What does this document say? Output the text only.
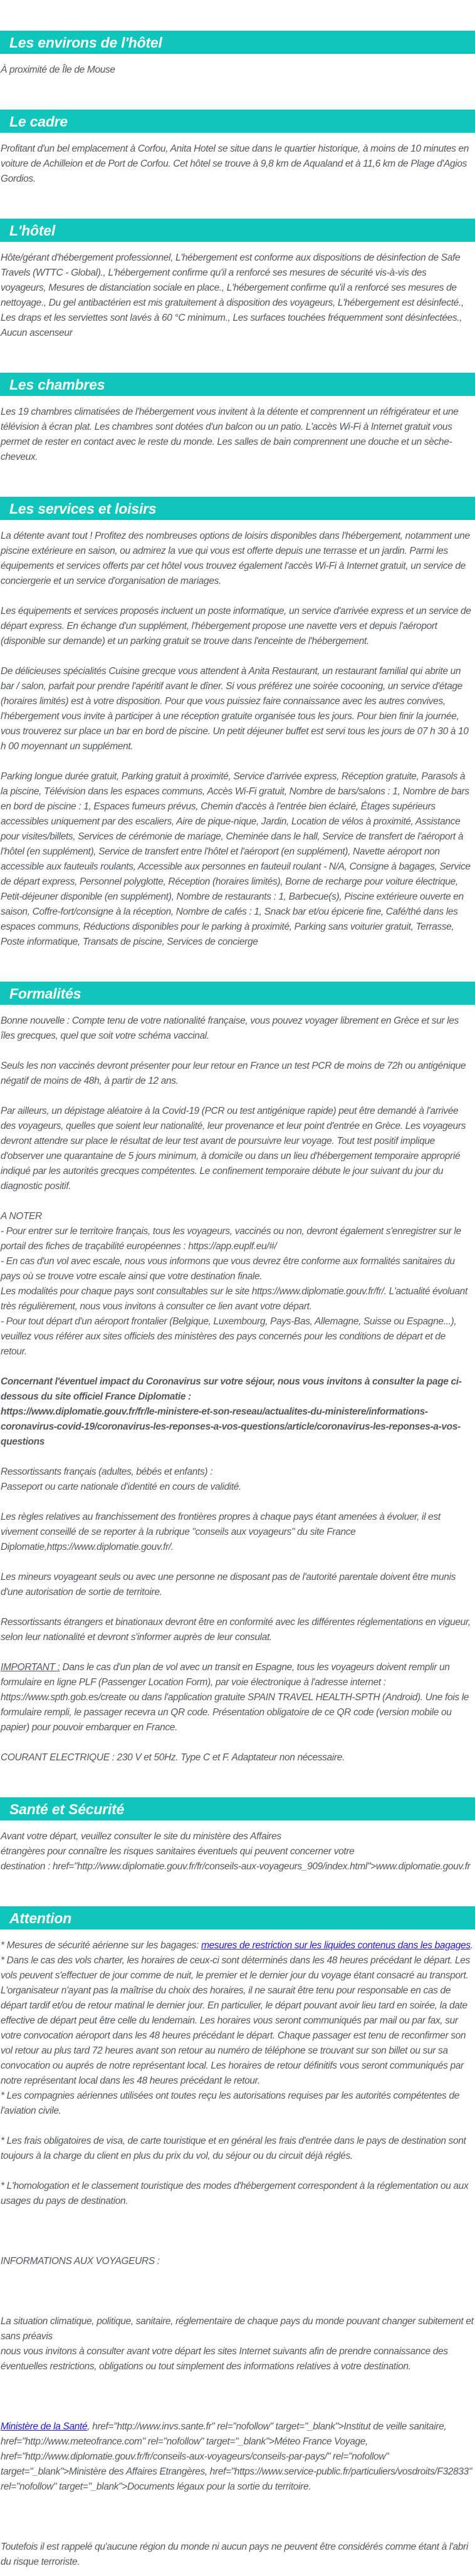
Les environs de l'hôtel

À proximité de Île de Mouse

Le cadre

Profitant d'un bel emplacement à Corfou, Anita Hotel se situe dans le quartier historique, à moins de 10 minutes en voiture de Achilleion et de Port de Corfou. Cet hôtel se trouve à 9,8 km de Aqualand et à 11,6 km de Plage d'Agios Gordios.

L'hôtel

Hôte/gérant d'hébergement professionnel, L'hébergement est conforme aux dispositions de désinfection de Safe Travels (WTTC - Global)., L'hébergement confirme qu'il a renforcé ses mesures de sécurité vis-à-vis des voyageurs, Mesures de distanciation sociale en place., L'hébergement confirme qu'il a renforcé ses mesures de nettoyage., Du gel antibactérien est mis gratuitement à disposition des voyageurs, L'hébergement est désinfecté., Les draps et les serviettes sont lavés à 60 °C minimum., Les surfaces touchées fréquemment sont désinfectées., Aucun ascenseur

Les chambres

Les 19 chambres climatisées de l'hébergement vous invitent à la détente et comprennent un réfrigérateur et une télévision à écran plat. Les chambres sont dotées d'un balcon ou un patio. L'accès Wi-Fi à Internet gratuit vous permet de rester en contact avec le reste du monde. Les salles de bain comprennent une douche et un sèche-cheveux.

Les services et loisirs

La détente avant tout ! Profitez des nombreuses options de loisirs disponibles dans l'hébergement, notamment une piscine extérieure en saison, ou admirez la vue qui vous est offerte depuis une terrasse et un jardin. Parmi les équipements et services offerts par cet hôtel vous trouvez également l'accès Wi-Fi à Internet gratuit, un service de conciergerie et un service d'organisation de mariages.

Les équipements et services proposés incluent un poste informatique, un service d'arrivée express et un service de départ express. En échange d'un supplément, l'hébergement propose une navette vers et depuis l'aéroport (disponible sur demande) et un parking gratuit se trouve dans l'enceinte de l'hébergement.

De délicieuses spécialités Cuisine grecque vous attendent à Anita Restaurant, un restaurant familial qui abrite un bar / salon, parfait pour prendre l'apéritif avant le dîner. Si vous préférez une soirée cocooning, un service d'étage (horaires limités) est à votre disposition. Pour que vous puissiez faire connaissance avec les autres convives, l'hébergement vous invite à participer à une réception gratuite organisée tous les jours. Pour bien finir la journée, vous trouverez sur place un bar en bord de piscine. Un petit déjeuner buffet est servi tous les jours de 07 h 30 à 10 h 00 moyennant un supplément.

Parking longue durée gratuit, Parking gratuit à proximité, Service d'arrivée express, Réception gratuite, Parasols à la piscine, Télévision dans les espaces communs, Accès Wi-Fi gratuit, Nombre de bars/salons : 1, Nombre de bars en bord de piscine : 1, Espaces fumeurs prévus, Chemin d'accès à l'entrée bien éclairé, Étages supérieurs accessibles uniquement par des escaliers, Aire de pique-nique, Jardin, Location de vélos à proximité, Assistance pour visites/billets, Services de cérémonie de mariage, Cheminée dans le hall, Service de transfert de l'aéroport à l'hôtel (en supplément), Service de transfert entre l'hôtel et l'aéroport (en supplément), Navette aéroport non accessible aux fauteuils roulants, Accessible aux personnes en fauteuil roulant - N/A, Consigne à bagages, Service de départ express, Personnel polyglotte, Réception (horaires limités), Borne de recharge pour voiture électrique, Petit-déjeuner disponible (en supplément), Nombre de restaurants : 1, Barbecue(s), Piscine extérieure ouverte en saison, Coffre-fort/consigne à la réception, Nombre de cafés : 1, Snack bar et/ou épicerie fine, Café/thé dans les espaces communs, Réductions disponibles pour le parking à proximité, Parking sans voiturier gratuit, Terrasse, Poste informatique, Transats de piscine, Services de concierge

Formalités

Bonne nouvelle : Compte tenu de votre nationalité française, vous pouvez voyager librement en Grèce et sur les îles grecques, quel que soit votre schéma vaccinal.

Seuls les non vaccinés devront présenter pour leur retour en France un test PCR de moins de 72h ou antigénique négatif de moins de 48h, à partir de 12 ans.

Par ailleurs, un dépistage aléatoire à la Covid-19 (PCR ou test antigénique rapide) peut être demandé à l'arrivée des voyageurs, quelles que soient leur nationalité, leur provenance et leur point d'entrée en Grèce. Les voyageurs devront attendre sur place le résultat de leur test avant de poursuivre leur voyage. Tout test positif implique d'observer une quarantaine de 5 jours minimum, à domicile ou dans un lieu d'hébergement temporaire approprié indiqué par les autorités grecques compétentes. Le confinement temporaire débute le jour suivant du jour du diagnostic positif.

A NOTER
- Pour entrer sur le territoire français, tous les voyageurs, vaccinés ou non, devront également s'enregistrer sur le portail des fiches de traçabilité européennes : https://app.euplf.eu/#/
- En cas d'un vol avec escale, nous vous informons que vous devrez être conforme aux formalités sanitaires du pays où se trouve votre escale ainsi que votre destination finale.
Les modalités pour chaque pays sont consultables sur le site https://www.diplomatie.gouv.fr/fr/. L'actualité évoluant très régulièrement, nous vous invitons à consulter ce lien avant votre départ.
- Pour tout départ d'un aéroport frontalier (Belgique, Luxembourg, Pays-Bas, Allemagne, Suisse ou Espagne...), veuillez vous référer aux sites officiels des ministères des pays concernés pour les conditions de départ et de retour.
Concernant l'éventuel impact du Coronavirus sur votre séjour, nous vous invitons à consulter la page ci-dessous du site officiel France Diplomatie :
https://www.diplomatie.gouv.fr/fr/le-ministere-et-son-reseau/actualites-du-ministere/informations-coronavirus-covid-19/coronavirus-les-reponses-a-vos-questions/article/coronavirus-les-reponses-a-vos-questions
Ressortissants français (adultes, bébés et enfants) :
Passeport ou carte nationale d'identité en cours de validité.

Les règles relatives au franchissement des frontières propres à chaque pays étant amenées à évoluer, il est vivement conseillé de se reporter à la rubrique "conseils aux voyageurs" du site France Diplomatie,https://www.diplomatie.gouv.fr/.

Les mineurs voyageant seuls ou avec une personne ne disposant pas de l'autorité parentale doivent être munis d'une autorisation de sortie de territoire.

Ressortissants étrangers et binationaux devront être en conformité avec les différentes réglementations en vigueur, selon leur nationalité et devront s'informer auprès de leur consulat.

IMPORTANT : Dans le cas d'un plan de vol avec un transit en Espagne, tous les voyageurs doivent remplir un formulaire en ligne PLF (Passenger Location Form), par voie électronique à l'adresse internet : https://www.spth.gob.es/create ou dans l'application gratuite SPAIN TRAVEL HEALTH-SPTH (Android). Une fois le formulaire rempli, le passager recevra un QR code. Présentation obligatoire de ce QR code (version mobile ou papier) pour pouvoir embarquer en France.

COURANT ELECTRIQUE : 230 V et 50Hz. Type C et F. Adaptateur non nécessaire.

Santé et Sécurité
Avant votre départ, veuillez consulter le site du ministère des Affaires
étrangères pour connaître les risques sanitaires éventuels qui peuvent concerner votre
destination : href="http://www.diplomatie.gouv.fr/fr/conseils-aux-voyageurs_909/index.html">www.diplomatie.gouv.fr
Attention
* Mesures de sécurité aérienne sur les bagages: mesures de restriction sur les liquides contenus dans les bagages.
* Dans le cas des vols charter, les horaires de ceux-ci sont déterminés dans les 48 heures précédant le départ. Les vols peuvent s'effectuer de jour comme de nuit, le premier et le dernier jour du voyage étant consacré au transport. L'organisateur n'ayant pas la maîtrise du choix des horaires, il ne saurait être tenu pour responsable en cas de départ tardif et/ou de retour matinal le dernier jour. En particulier, le départ pouvant avoir lieu tard en soirée, la date effective de départ peut être celle du lendemain. Les horaires vous seront communiqués par mail ou par fax, sur votre convocation aéroport dans les 48 heures précédant le départ. Chaque passager est tenu de reconfirmer son vol retour au plus tard 72 heures avant son retour au numéro de téléphone se trouvant sur son billet ou sur sa convocation ou auprés de notre représentant local. Les horaires de retour définitifs vous seront communiqués par notre représentant local dans les 48 heures précédant le retour.
* Les compagnies aériennes utilisées ont toutes reçu les autorisations requises par les autorités compétentes de l'aviation civile.

* Les frais obligatoires de visa, de carte touristique et en général les frais d'entrée dans le pays de destination sont toujours à la charge du client en plus du prix du vol, du séjour ou du circuit déjà réglés.

* L'homologation et le classement touristique des modes d'hébergement correspondent à la réglementation ou aux usages du pays de destination.

INFORMATIONS AUX VOYAGEURS :

La situation climatique, politique, sanitaire, réglementaire de chaque pays du monde pouvant changer subitement et sans préavis
nous vous invitons à consulter avant votre départ les sites Internet suivants afin de prendre connaissance des éventuelles restrictions, obligations ou tout simplement des informations relatives à votre destination.
Ministère de la Santé, href="http://www.invs.sante.fr" rel="nofollow" target="_blank">Institut de veille sanitaire, href="http://www.meteofrance.com" rel="nofollow" target="_blank">Méteo France Voyage, href="http://www.diplomatie.gouv.fr/fr/conseils-aux-voyageurs/conseils-par-pays/" rel="nofollow" target="_blank">Ministère des Affaires Etrangères, href="https://www.service-public.fr/particuliers/vosdroits/F32833" rel="nofollow" target="_blank">Documents légaux pour la sortie du territoire.

Toutefois il est rappelé qu'aucune région du monde ni aucun pays ne peuvent être considérés comme étant à l'abri du risque terroriste.
